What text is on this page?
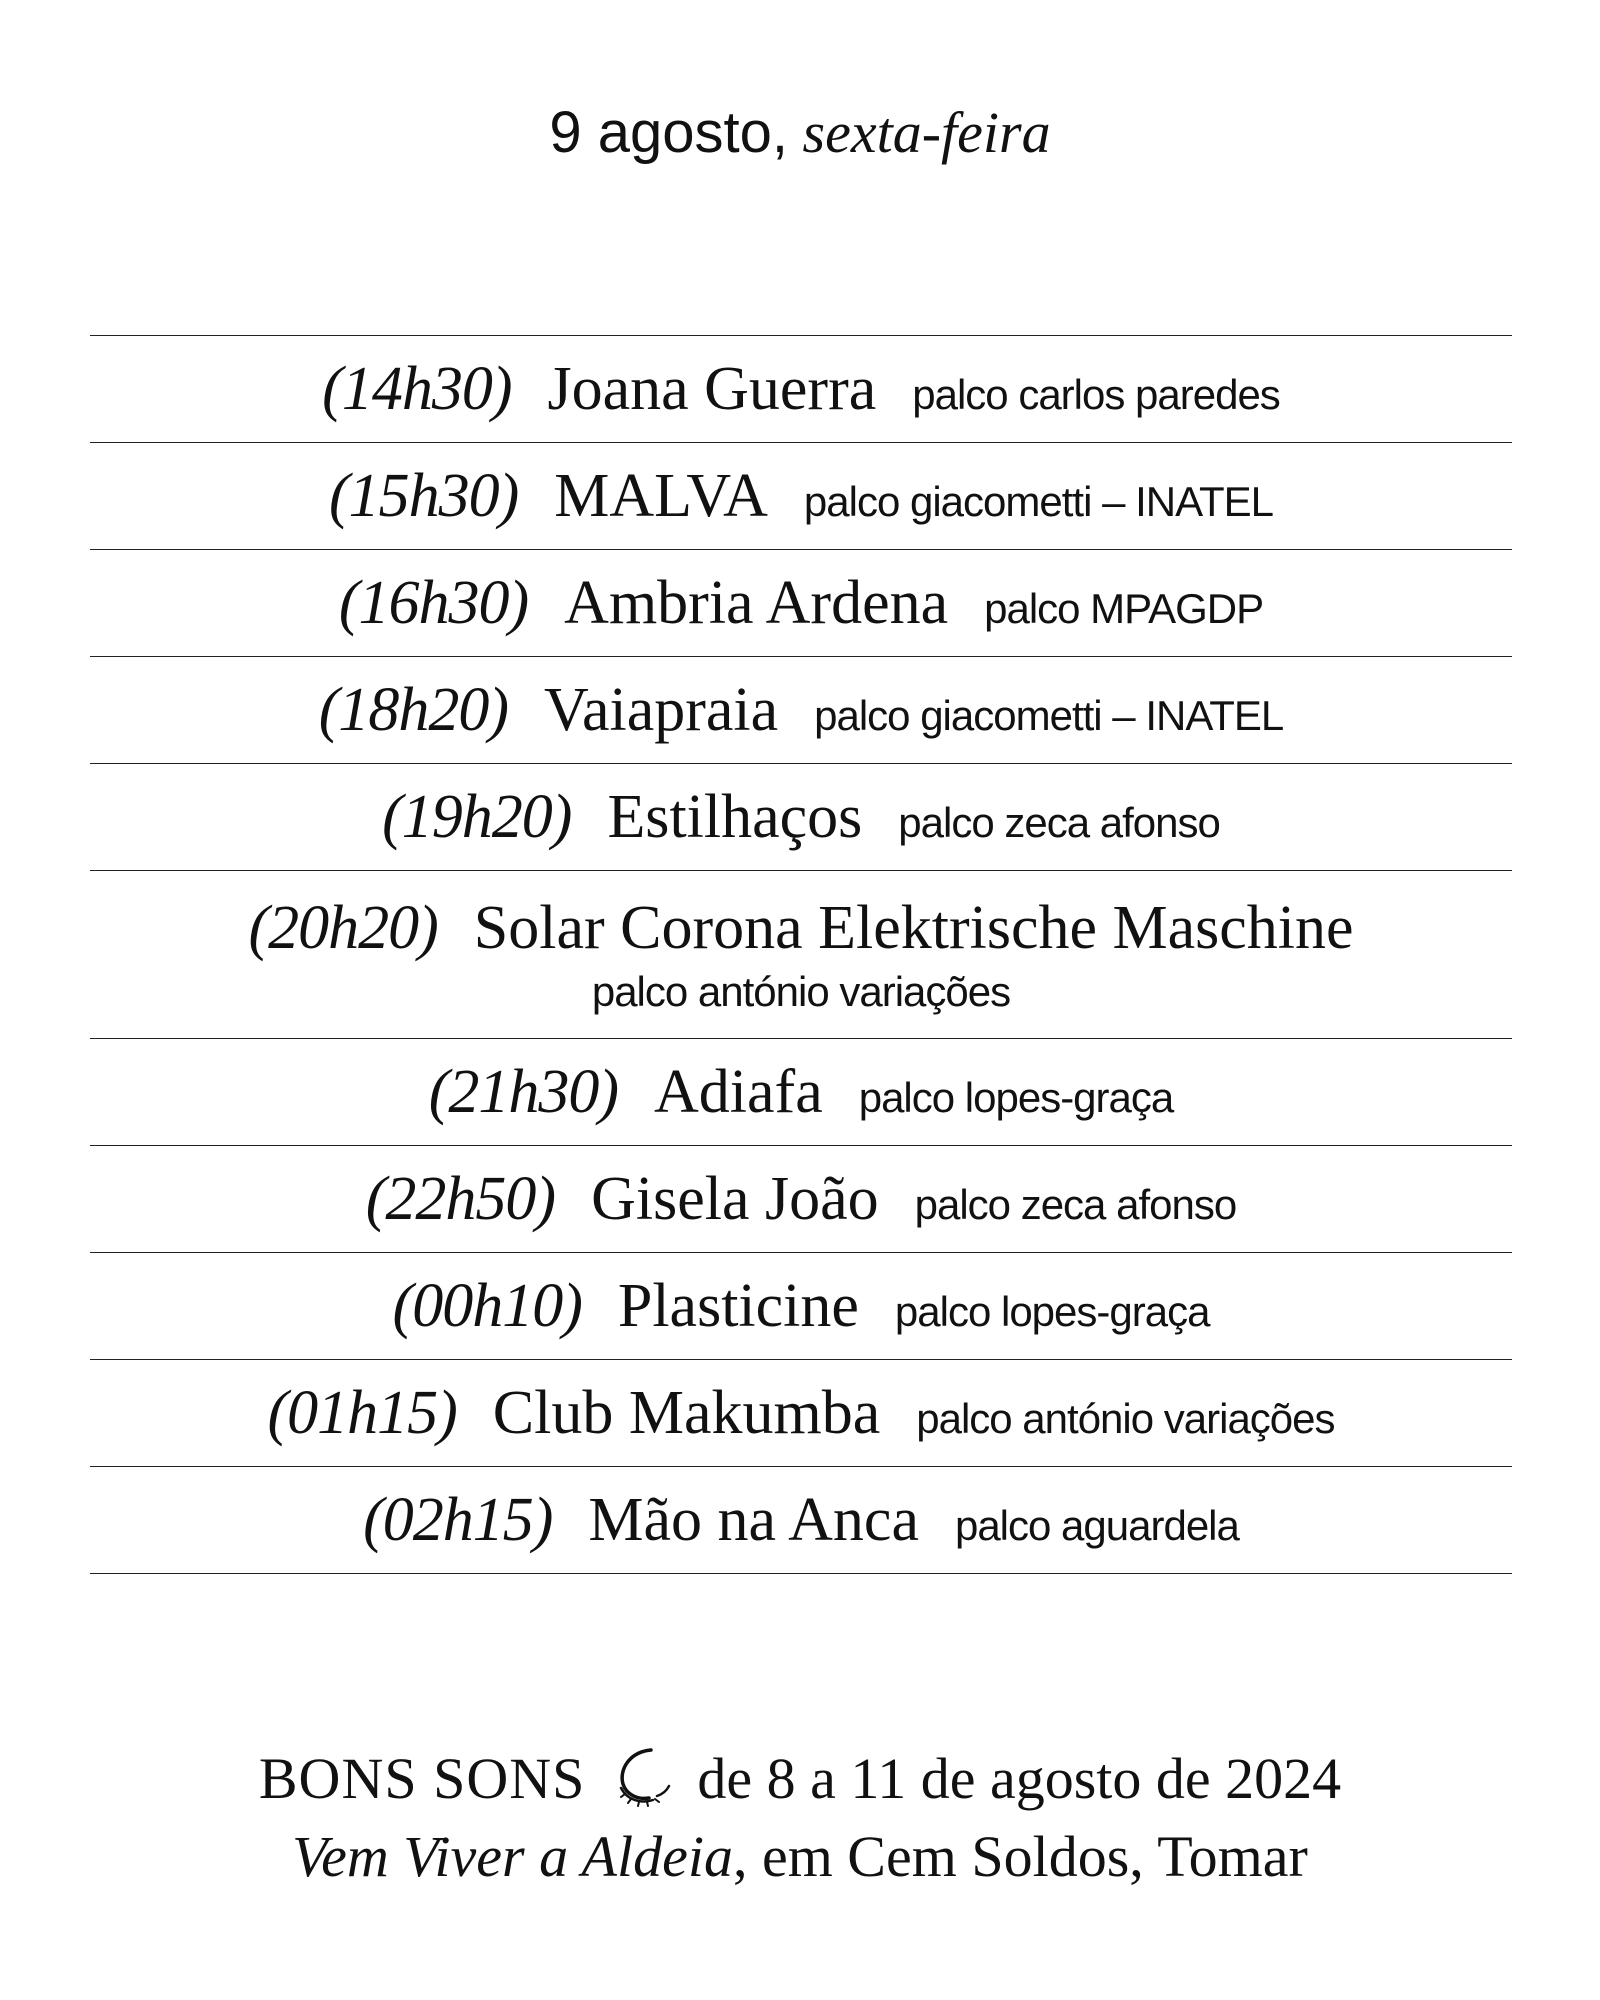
9 agosto, sexta-feira
(14h30) Joana Guerra palco carlos paredes
(15h30) MALVA palco giacometti – INATEL
(16h30) Ambria Ardena palco MPAGDP
(18h20) Vaiapraia palco giacometti – INATEL
(19h20) Estilhaços palco zeca afonso
(20h20) Solar Corona Elektrische Maschine
palco antónio variações
(21h30) Adiafa palco lopes-graça
(22h50) Gisela João palco zeca afonso
(00h10) Plasticine palco lopes-graça
(01h15) Club Makumba palco antónio variações
(02h15) Mão na Anca palco aguardela
BONS SONS de 8 a 11 de agosto de 2024
Vem Viver a Aldeia, em Cem Soldos, Tomar
